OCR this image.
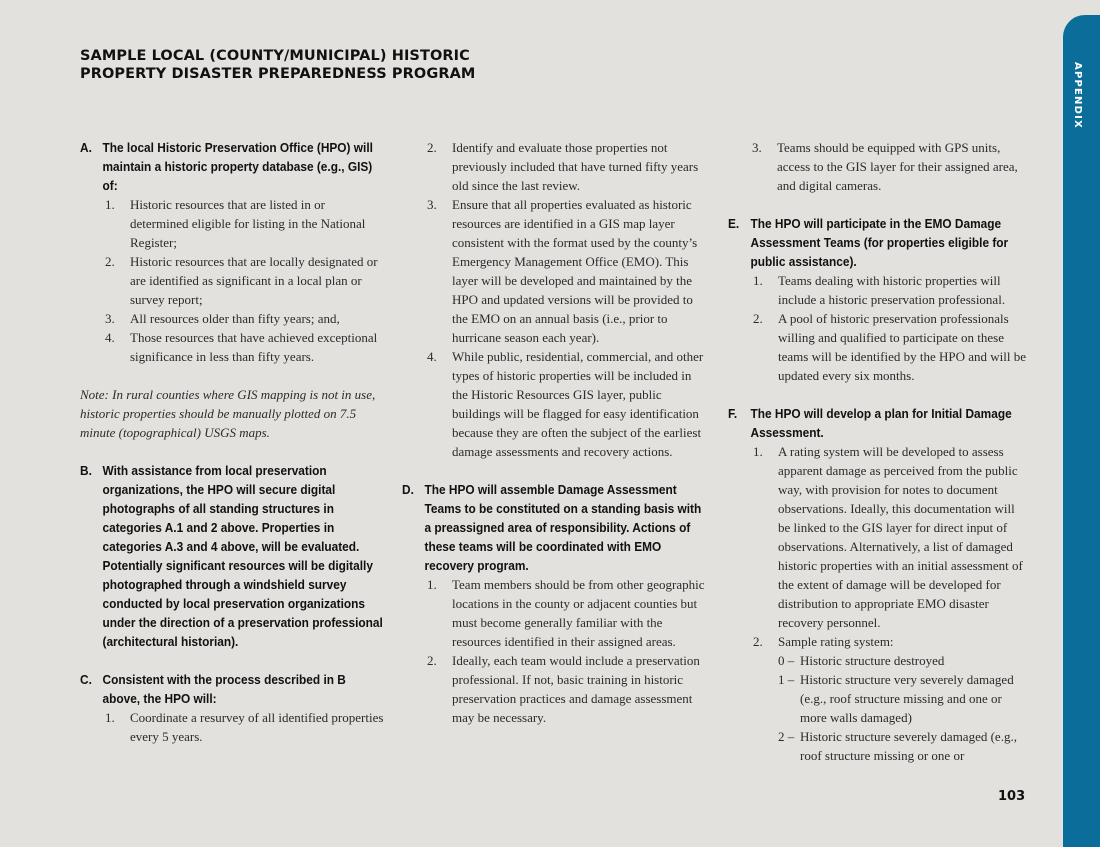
SAMPLE LOCAL (COUNTY/MUNICIPAL) HISTORIC
PROPERTY DISASTER PREPAREDNESS PROGRAM	APPENDIX
A. The local Historic Preservation Office (HPO) will maintain a historic property database (e.g., GIS) of:
1.	Historic resources that are listed in or determined eligible for listing in the National Register;
2.	Historic resources that are locally designated or are identified as significant in a local plan or survey report;
3.	All resources older than fifty years; and,
4.	Those resources that have achieved exceptional significance in less than fifty years.

Note: In rural counties where GIS mapping is not in use, historic properties should be manually plotted on 7.5 minute (topographical) USGS maps.

B. With assistance from local preservation organizations, the HPO will secure digital photographs of all standing structures in categories A.1 and 2 above. Properties in categories A.3 and 4 above, will be evaluated. Potentially significant resources will be digitally photographed through a windshield survey conducted by local preservation organizations under the direction of a preservation professional (architectural historian).
C. Consistent with the process described in B above, the HPO will:
1.	Coordinate a resurvey of all identified properties every 5 years.
2.	Identify and evaluate those properties not previously included that have turned fifty years old since the last review.
3.	Ensure that all properties evaluated as historic resources are identified in a GIS map layer consistent with the format used by the county’s Emergency Management Office (EMO). This layer will be developed and maintained by the HPO and updated versions will be provided to the EMO on an annual basis (i.e., prior to hurricane season each year).
4.	While public, residential, commercial, and other types of historic properties will be included in the Historic Resources GIS layer, public buildings will be flagged for easy identification because they are often the subject of the earliest damage assessments and recovery actions.
D. The HPO will assemble Damage Assessment Teams to be constituted on a standing basis with a preassigned area of responsibility. Actions of these teams will be coordinated with EMO recovery program.
1.	Team members should be from other geographic locations in the county or adjacent counties but must become generally familiar with the resources identified in their assigned areas.
2.	Ideally, each team would include a preservation professional. If not, basic training in historic preservation practices and damage assessment may be necessary.
3.	Teams should be equipped with GPS units, access to the GIS layer for their assigned area, and digital cameras.
E. The HPO will participate in the EMO Damage Assessment Teams (for properties eligible for public assistance).
1.	Teams dealing with historic properties will include a historic preservation professional.
2.	A pool of historic preservation professionals willing and qualified to participate on these teams will be identified by the HPO and will be updated every six months.
F.	The HPO will develop a plan for Initial Damage Assessment.
1.	A rating system will be developed to assess apparent damage as perceived from the public way, with provision for notes to document observations. Ideally, this documentation will be linked to the GIS layer for direct input of observations. Alternatively, a list of damaged historic properties with an initial assessment of the extent of damage will be developed for distribution to appropriate EMO disaster recovery personnel.
2.	Sample rating system:
0 – Historic structure destroyed
1 – Historic structure very severely damaged (e.g., roof structure missing and one or more walls damaged)
2 – Historic structure severely damaged (e.g., roof structure missing or one or
103
